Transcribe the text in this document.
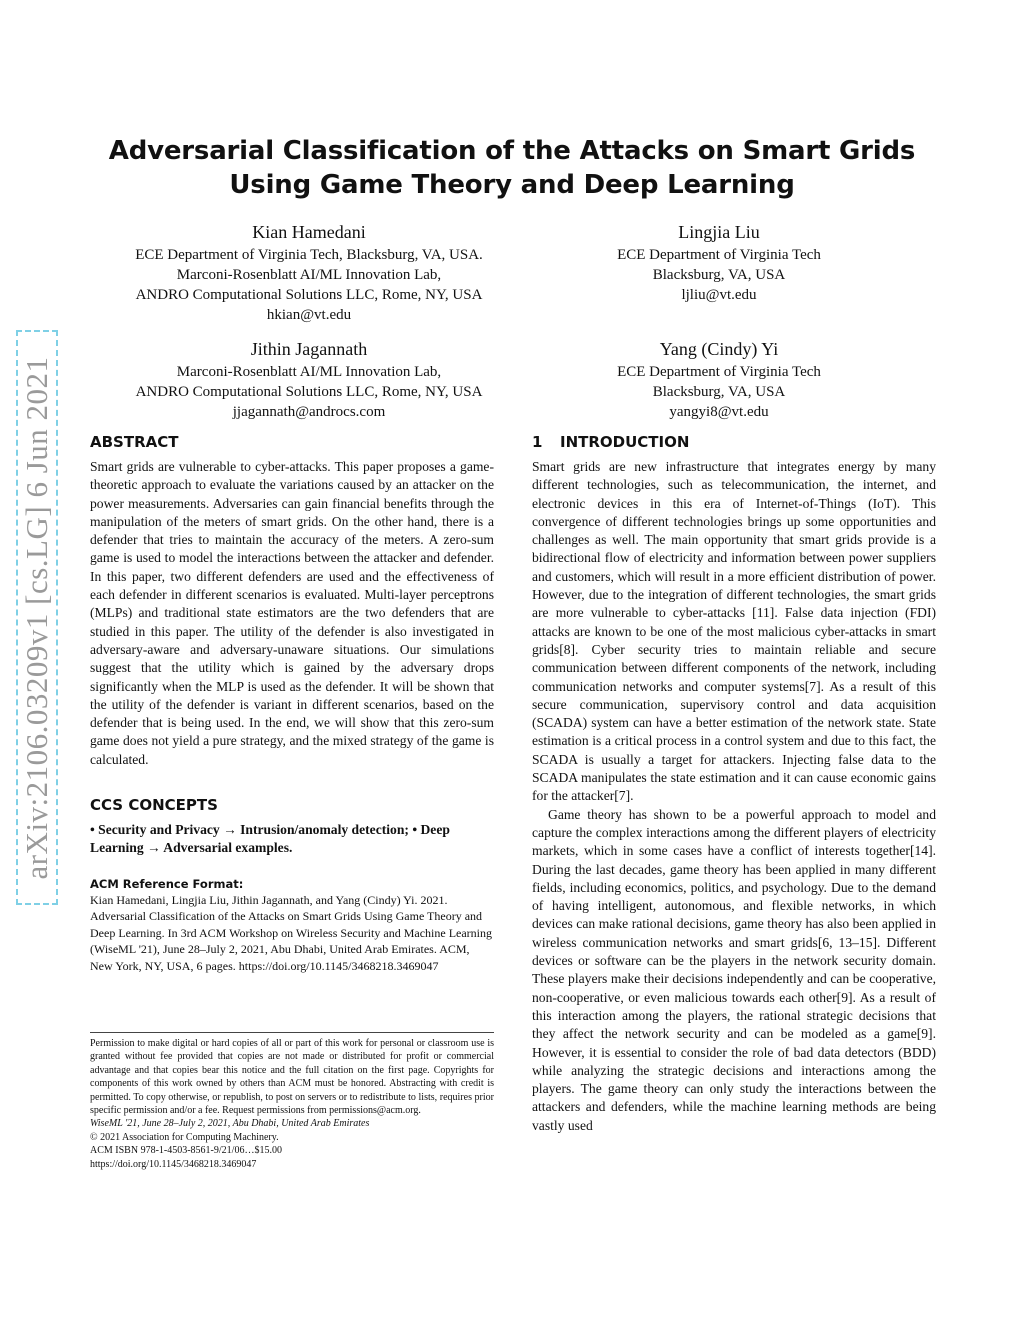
arXiv:2106.03209v1 [cs.LG] 6 Jun 2021
Adversarial Classification of the Attacks on Smart Grids Using Game Theory and Deep Learning
Kian Hamedani
ECE Department of Virginia Tech, Blacksburg, VA, USA.
Marconi-Rosenblatt AI/ML Innovation Lab,
ANDRO Computational Solutions LLC, Rome, NY, USA
hkian@vt.edu
Lingjia Liu
ECE Department of Virginia Tech
Blacksburg, VA, USA
ljliu@vt.edu
Jithin Jagannath
Marconi-Rosenblatt AI/ML Innovation Lab,
ANDRO Computational Solutions LLC, Rome, NY, USA
jjagannath@androcs.com
Yang (Cindy) Yi
ECE Department of Virginia Tech
Blacksburg, VA, USA
yangyi8@vt.edu
ABSTRACT

Smart grids are vulnerable to cyber-attacks. This paper proposes a game-theoretic approach to evaluate the variations caused by an attacker on the power measurements. Adversaries can gain financial benefits through the manipulation of the meters of smart grids. On the other hand, there is a defender that tries to maintain the accuracy of the meters. A zero-sum game is used to model the interactions between the attacker and defender. In this paper, two different defenders are used and the effectiveness of each defender in different scenarios is evaluated. Multi-layer perceptrons (MLPs) and traditional state estimators are the two defenders that are studied in this paper. The utility of the defender is also investigated in adversary-aware and adversary-unaware situations. Our simulations suggest that the utility which is gained by the adversary drops significantly when the MLP is used as the defender. It will be shown that the utility of the defender is variant in different scenarios, based on the defender that is being used. In the end, we will show that this zero-sum game does not yield a pure strategy, and the mixed strategy of the game is calculated.

CCS CONCEPTS

• Security and Privacy → Intrusion/anomaly detection; • Deep Learning → Adversarial examples.

ACM Reference Format:

Kian Hamedani, Lingjia Liu, Jithin Jagannath, and Yang (Cindy) Yi. 2021. Adversarial Classification of the Attacks on Smart Grids Using Game Theory and Deep Learning. In 3rd ACM Workshop on Wireless Security and Machine Learning (WiseML '21), June 28–July 2, 2021, Abu Dhabi, United Arab Emirates. ACM, New York, NY, USA, 6 pages. https://doi.org/10.1145/3468218.3469047

Permission to make digital or hard copies of all or part of this work for personal or classroom use is granted without fee provided that copies are not made or distributed for profit or commercial advantage and that copies bear this notice and the full citation on the first page. Copyrights for components of this work owned by others than ACM must be honored. Abstracting with credit is permitted. To copy otherwise, or republish, to post on servers or to redistribute to lists, requires prior specific permission and/or a fee. Request permissions from permissions@acm.org.

WiseML '21, June 28–July 2, 2021, Abu Dhabi, United Arab Emirates
© 2021 Association for Computing Machinery.
ACM ISBN 978-1-4503-8561-9/21/06…$15.00
https://doi.org/10.1145/3468218.3469047
1 INTRODUCTION

Smart grids are new infrastructure that integrates energy by many different technologies, such as telecommunication, the internet, and electronic devices in this era of Internet-of-Things (IoT). This convergence of different technologies brings up some opportunities and challenges as well. The main opportunity that smart grids provide is a bidirectional flow of electricity and information between power suppliers and customers, which will result in a more efficient distribution of power. However, due to the integration of different technologies, the smart grids are more vulnerable to cyber-attacks [11]. False data injection (FDI) attacks are known to be one of the most malicious cyber-attacks in smart grids[8]. Cyber security tries to maintain reliable and secure communication between different components of the network, including communication networks and computer systems[7]. As a result of this secure communication, supervisory control and data acquisition (SCADA) system can have a better estimation of the network state. State estimation is a critical process in a control system and due to this fact, the SCADA is usually a target for attackers. Injecting false data to the SCADA manipulates the state estimation and it can cause economic gains for the attacker[7].

Game theory has shown to be a powerful approach to model and capture the complex interactions among the different players of electricity markets, which in some cases have a conflict of interests together[14]. During the last decades, game theory has been applied in many different fields, including economics, politics, and psychology. Due to the demand of having intelligent, autonomous, and flexible networks, in which devices can make rational decisions, game theory has also been applied in wireless communication networks and smart grids[6, 13–15]. Different devices or software can be the players in the network security domain. These players make their decisions independently and can be cooperative, non-cooperative, or even malicious towards each other[9]. As a result of this interaction among the players, the rational strategic decisions that they affect the network security and can be modeled as a game[9]. However, it is essential to consider the role of bad data detectors (BDD) while analyzing the strategic decisions and interactions among the players. The game theory can only study the interactions between the attackers and defenders, while the machine learning methods are being vastly used
